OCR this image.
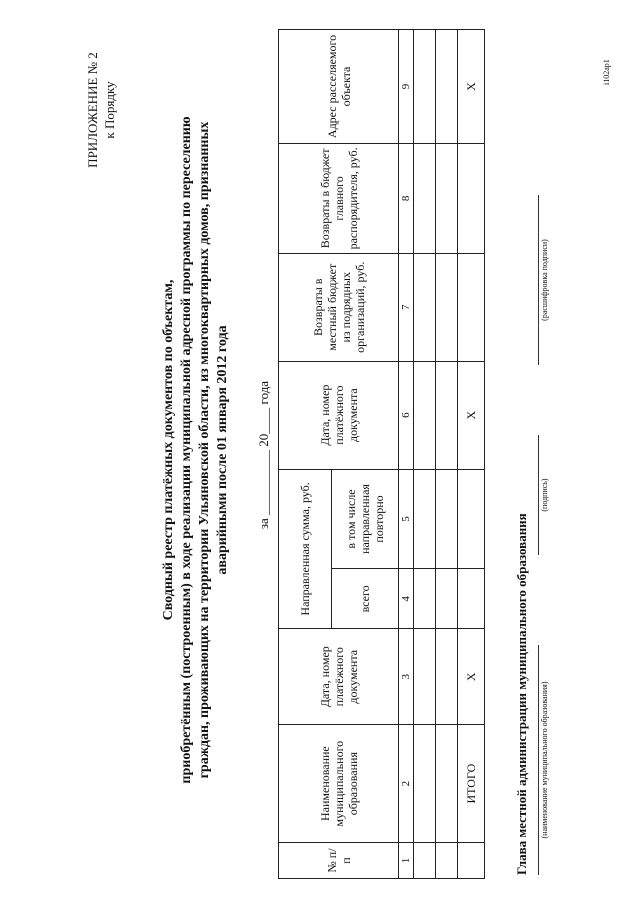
ПРИЛОЖЕНИЕ № 2 к Порядку
Сводный реестр платёжных документов по объектам, приобретённым (построенным) в ходе реализации муниципальной адресной программы по переселению граждан, проживающих на территории Ульяновской области, из многоквартирных домов, признанных аварийными после 01 января 2012 года за __________ 20____ года
i102ap1
№ п/п	Наименование муниципального образования	Дата, номер платёжного документа	Направленная сумма, руб.		Дата, номер платёжного документа	Возвраты в местный бюджет из подрядных организаций, руб.	Возвраты в бюджет главного распорядителя, руб.	Адрес расселяемого объекта
			всего	в том числе направленная повторно				
1	2	3	4	5	6	7	8	9

	ИТОГО	Х			Х			Х
Глава местной администрации муниципального образования (наименование муниципального образования)
(подпись)
(расшифровка подписи)
